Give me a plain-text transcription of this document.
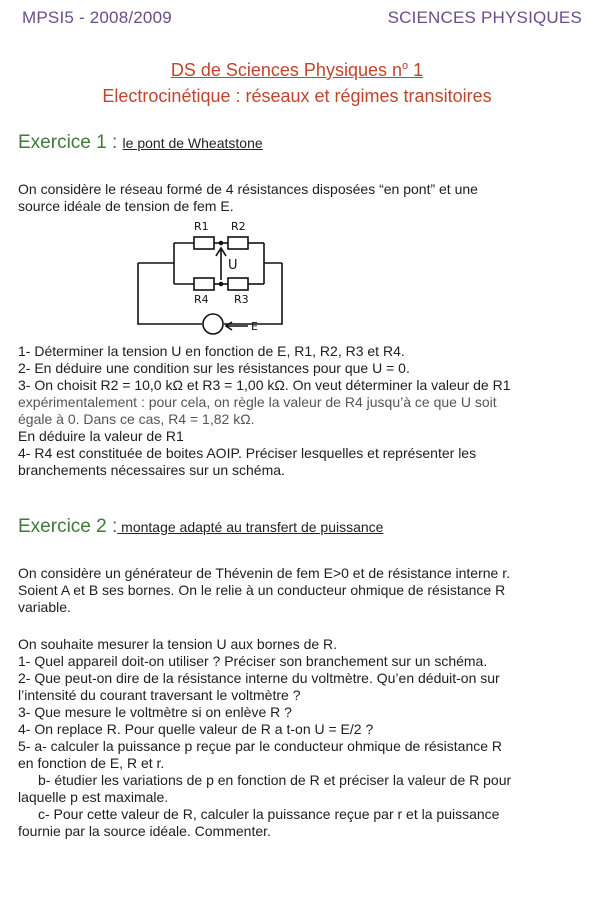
MPSI5 - 2008/2009	SCIENCES PHYSIQUES
DS de Sciences Physiques $n^o$ 1
Electrocinétique : réseaux et régimes transitoires
Exercice 1 : le pont de Wheatstone

On considère le réseau formé de 4 résistances disposées “en pont” et une

source idéale de tension de fem E.

R1 R2
R4 R3
U
E

1- Déterminer la tension U en fonction de E, R1, R2, R3 et R4.

2- En déduire une condition sur les résistances pour que U = 0.

3- On choisit R2 = 10,0 kΩ et R3 = 1,00 kΩ. On veut déterminer la valeur de R1

expérimentalement : pour cela, on règle la valeur de R4 jusqu’à ce que U soit

égale à 0. Dans ce cas, R4 = 1,82 kΩ.

En déduire la valeur de R1

4- R4 est constituée de boites AOIP. Préciser lesquelles et représenter les

branchements nécessaires sur un schéma.

Exercice 2 : montage adapté au transfert de puissance

On considère un générateur de Thévenin de fem E>0 et de résistance interne r.

Soient A et B ses bornes. On le relie à un conducteur ohmique de résistance R

variable.

On souhaite mesurer la tension U aux bornes de R.

1- Quel appareil doit-on utiliser ? Préciser son branchement sur un schéma.

2- Que peut-on dire de la résistance interne du voltmètre. Qu’en déduit-on sur

l’intensité du courant traversant le voltmètre ?

3- Que mesure le voltmètre si on enlève R ?

4- On replace R. Pour quelle valeur de R a t-on U = E/2 ?

5- a- calculer la puissance p reçue par le conducteur ohmique de résistance R

en fonction de E, R et r.

b- étudier les variations de p en fonction de R et préciser la valeur de R pour

laquelle p est maximale.

c- Pour cette valeur de R, calculer la puissance reçue par r et la puissance

fournie par la source idéale. Commenter.
